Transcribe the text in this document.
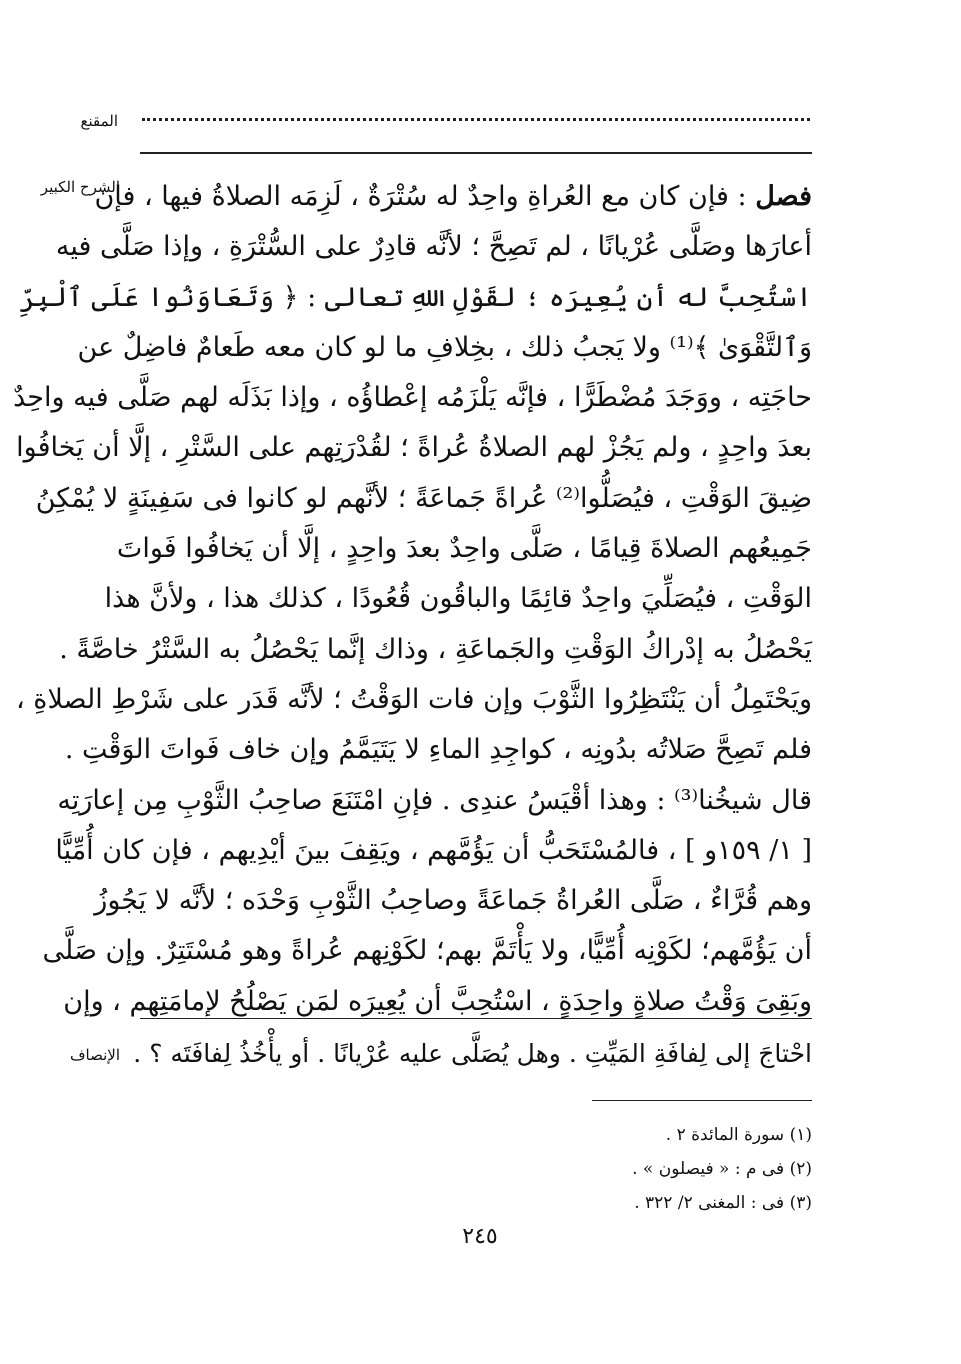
المقنع
الشرح الكبير	فصل : فإن كان مع العُراةِ واحِدٌ له سُتْرَةٌ ، لَزِمَه الصلاةُ فيها ، فإن
أعارَها وصَلَّى عُرْيانًا ، لم تَصِحَّ ؛ لأنَّه قادِرٌ على السُّتْرَةِ ، وإذا صَلَّى فيه
اسْتُحِبَّ له أن يُعِيرَه ؛ لقَوْلِ اللهِ تعالى : ﴿ وَتَعَاوَنُوا عَلَى ٱلْبِرِّ
وَٱلتَّقْوَىٰ ﴾⁽¹⁾ ولا يَجبُ ذلك ، بخِلافِ ما لو كان معه طَعامٌ فاضِلٌ عن
حاجَتِه ، ووَجَدَ مُضْطَرًّا ، فإنَّه يَلْزَمُه إعْطاؤُه ، وإذا بَذَلَه لهم صَلَّى فيه واحِدٌ
بعدَ واحِدٍ ، ولم يَجُزْ لهم الصلاةُ عُراةً ؛ لقُدْرَتِهم على السَّتْرِ ، إلَّا أن يَخافُوا
ضِيقَ الوَقْتِ ، فيُصَلُّوا⁽²⁾ عُراةً جَماعَةً ؛ لأنَّهم لو كانوا فى سَفِينَةٍ لا يُمْكِنُ
جَمِيعُهم الصلاةَ قِيامًا ، صَلَّى واحِدٌ بعدَ واحِدٍ ، إلَّا أن يَخافُوا فَواتَ
الوَقْتِ ، فيُصَلِّيَ واحِدٌ قائِمًا والباقُون قُعُودًا ، كذلك هذا ، ولأنَّ هذا
يَحْصُلُ به إدْراكُ الوَقْتِ والجَماعَةِ ، وذاك إنَّما يَحْصُلُ به السَّتْرُ خاصَّةً .
ويَحْتَمِلُ أن يَنْتَظِرُوا الثَّوْبَ وإن فات الوَقْتُ ؛ لأنَّه قَدَر على شَرْطِ الصلاةِ ،
فلم تَصِحَّ صَلاتُه بدُونِه ، كواجِدِ الماءِ لا يَتَيَمَّمُ وإن خاف فَواتَ الوَقْتِ .
قال شيخُنا⁽³⁾ : وهذا أقْيَسُ عندِى . فإنِ امْتَنَعَ صاحِبُ الثَّوْبِ مِن إعارَتِه
[ ١/ ١٥٩و ] ، فالمُسْتَحَبُّ أن يَؤُمَّهم ، ويَقِفَ بينَ أيْدِيهم ، فإن كان أُمِّيًّا
وهم قُرَّاءٌ ، صَلَّى العُراةُ جَماعَةً وصاحِبُ الثَّوْبِ وَحْدَه ؛ لأنَّه لا يَجُوزُ
أن يَؤُمَّهم؛ لكَوْنِه أُمِّيًّا، ولا يَأْتَمَّ بهم؛ لكَوْنِهم عُراةً وهو مُسْتَتِرٌ. وإن صَلَّى
وبَقِىَ وَقْتُ صلاةٍ واحِدَةٍ ، اسْتُحِبَّ أن يُعِيرَه لمَن يَصْلُحُ لإمامَتِهم ، وإن
الإنصاف احْتاجَ إلى لِفافَةِ المَيِّتِ . وهل يُصَلَّى عليه عُرْيانًا . أو يأْخُذُ لِفافَتَه ؟ .
(١) سورة المائدة ٢ .
(٢) فى م : « فيصلون » .
(٣) فى : المغنى ٢/ ٣٢٢ .
٢٤٥
